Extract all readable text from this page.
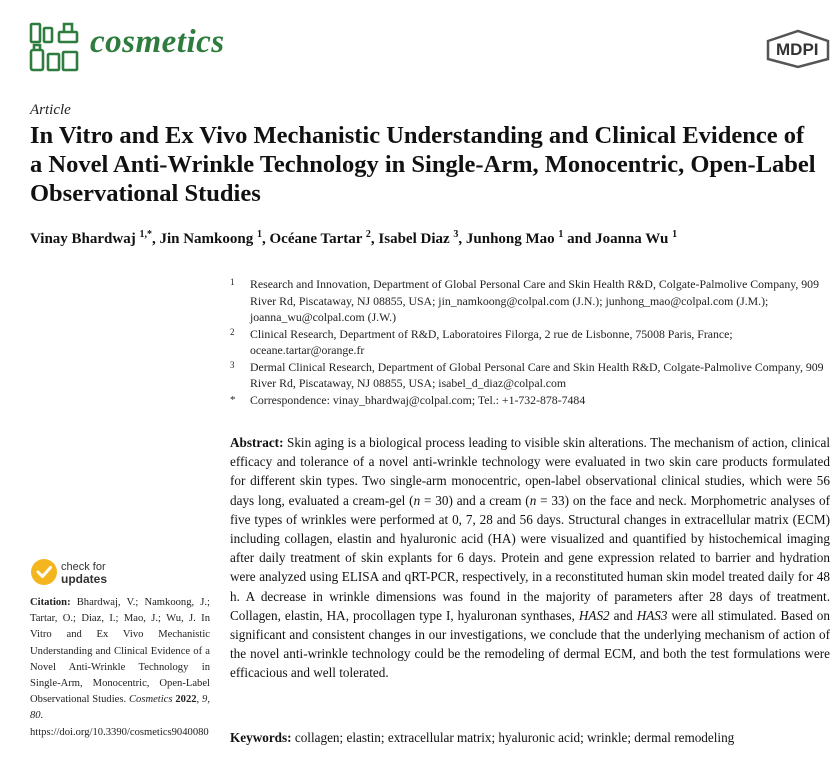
cosmetics	MDPI
Article
In Vitro and Ex Vivo Mechanistic Understanding and Clinical Evidence of a Novel Anti-Wrinkle Technology in Single-Arm, Monocentric, Open-Label Observational Studies
Vinay Bhardwaj $^{1,*}$, Jin Namkoong $^1$, Océane Tartar $^2$, Isabel Diaz $^3$, Junhong Mao $^1$ and Joanna Wu $^1$
1 Research and Innovation, Department of Global Personal Care and Skin Health R&D, Colgate-Palmolive Company, 909 River Rd, Piscataway, NJ 08855, USA; jin_namkoong@colpal.com (J.N.); junhong_mao@colpal.com (J.M.); joanna_wu@colpal.com (J.W.)
2 Clinical Research, Department of R&D, Laboratoires Filorga, 2 rue de Lisbonne, 75008 Paris, France; oceane.tartar@orange.fr
3 Dermal Clinical Research, Department of Global Personal Care and Skin Health R&D, Colgate-Palmolive Company, 909 River Rd, Piscataway, NJ 08855, USA; isabel_d_diaz@colpal.com
* Correspondence: vinay_bhardwaj@colpal.com; Tel.: +1-732-878-7484
Abstract: Skin aging is a biological process leading to visible skin alterations. The mechanism of action, clinical efficacy and tolerance of a novel anti-wrinkle technology were evaluated in two skin care products formulated for different skin types. Two single-arm monocentric, open-label observational clinical studies, which were 56 days long, evaluated a cream-gel (n = 30) and a cream (n = 33) on the face and neck. Morphometric analyses of five types of wrinkles were performed at 0, 7, 28 and 56 days. Structural changes in extracellular matrix (ECM) including collagen, elastin and hyaluronic acid (HA) were visualized and quantified by histochemical imaging after daily treatment of skin explants for 6 days. Protein and gene expression related to barrier and hydration were analyzed using ELISA and qRT-PCR, respectively, in a reconstituted human skin model treated daily for 48 h. A decrease in wrinkle dimensions was found in the majority of parameters after 28 days of treatment. Collagen, elastin, HA, procollagen type I, hyaluronan synthases, HAS2 and HAS3 were all stimulated. Based on significant and consistent changes in our investigations, we conclude that the underlying mechanism of action of the novel anti-wrinkle technology could be the remodeling of dermal ECM, and both the test formulations were efficacious and well tolerated.
Keywords: collagen; elastin; extracellular matrix; hyaluronic acid; wrinkle; dermal remodeling
check for
updates
Citation: Bhardwaj, V.; Namkoong, J.; Tartar, O.; Diaz, I.; Mao, J.; Wu, J. In Vitro and Ex Vivo Mechanistic Understanding and Clinical Evidence of a Novel Anti-Wrinkle Technology in Single-Arm, Monocentric, Open-Label Observational Studies. Cosmetics 2022, 9, 80. https://doi.org/10.3390/cosmetics9040080
